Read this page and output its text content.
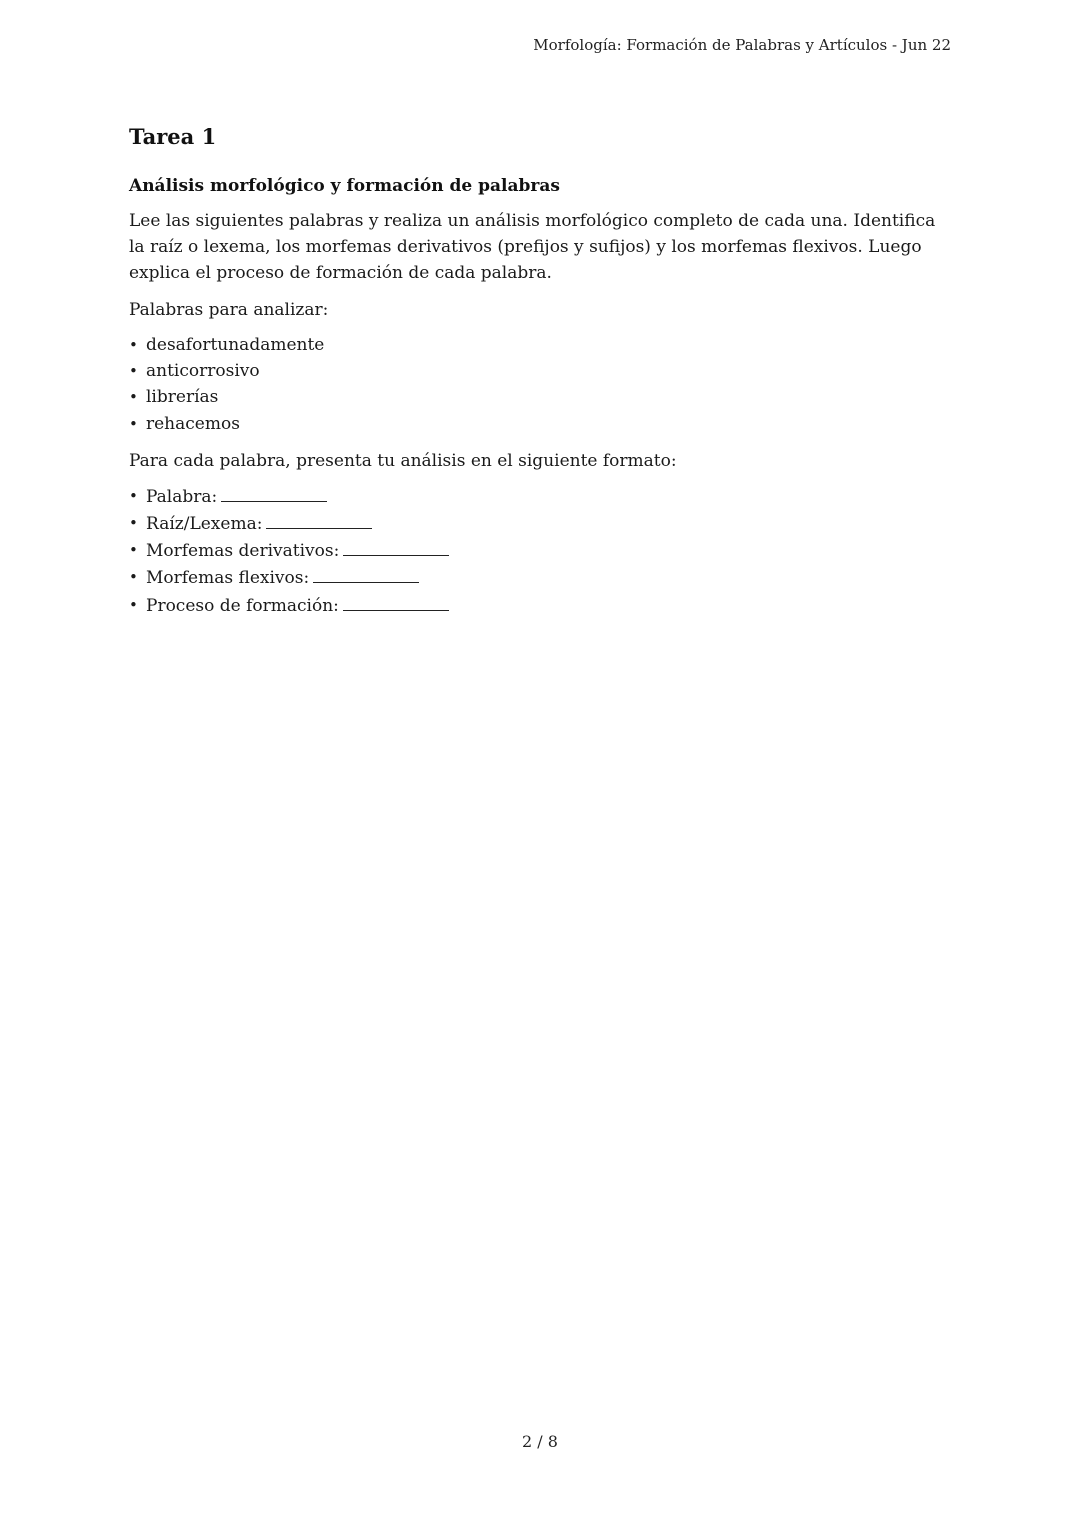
Morfología: Formación de Palabras y Artículos - Jun 22
Tarea 1
Análisis morfológico y formación de palabras

Lee las siguientes palabras y realiza un análisis morfológico completo de cada una. Identifica la raíz o lexema, los morfemas derivativos (prefijos y sufijos) y los morfemas flexivos. Luego explica el proceso de formación de cada palabra.

Palabras para analizar:

• desafortunadamente
• anticorrosivo
• librerías
• rehacemos

Para cada palabra, presenta tu análisis en el siguiente formato:

• Palabra:
• Raíz/Lexema:
• Morfemas derivativos:
• Morfemas flexivos:
• Proceso de formación:
2 / 8
